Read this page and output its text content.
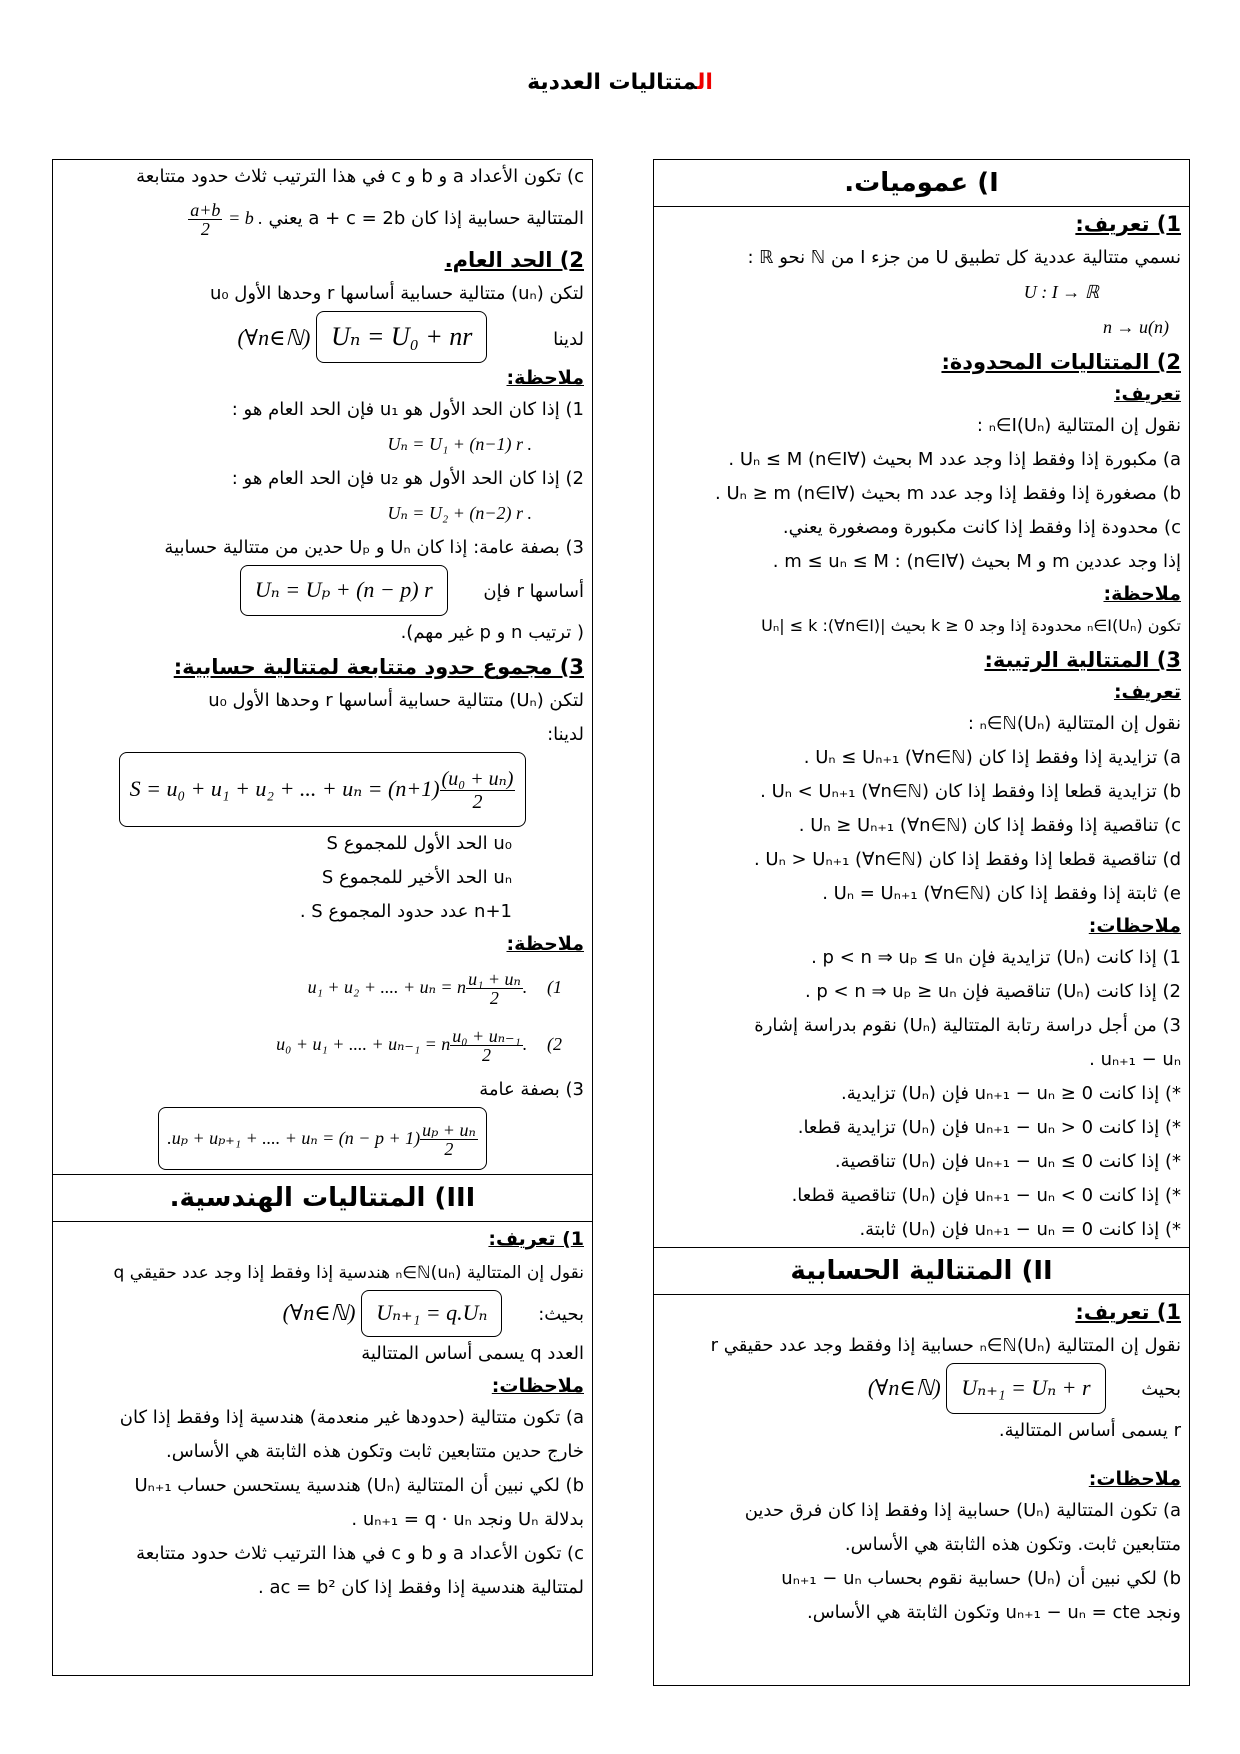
المتتاليات العددية
I) عموميات.
1) تعريف:
نسمي متتالية عددية كل تطبيق U من جزء I من ℕ نحو ℝ :
U : I → ℝ
n → u(n)
2) المتتاليات المحدودة:
تعريف:
نقول إن المتتالية (Uₙ)ₙ∈I :
a) مكبورة إذا وفقط إذا وجد عدد M بحيث (∀n∈I) Uₙ ≤ M .
b) مصغورة إذا وفقط إذا وجد عدد m بحيث (∀n∈I) Uₙ ≥ m .
c) محدودة إذا وفقط إذا كانت مكبورة ومصغورة يعني.
إذا وجد عددين m و M بحيث (∀n∈I) : m ≤ uₙ ≤ M .
ملاحظة:
تكون (Uₙ)ₙ∈I محدودة إذا وجد k ≥ 0 بحيث |Uₙ| ≤ k :(∀n∈I)
3) المتتالية الرتيبة:
تعريف:
نقول إن المتتالية (Uₙ)ₙ∈ℕ :
a) تزايدية إذا وفقط إذا كان Uₙ ≤ Uₙ₊₁ (∀n∈ℕ) .
b) تزايدية قطعا إذا وفقط إذا كان Uₙ < Uₙ₊₁ (∀n∈ℕ) .
c) تناقصية إذا وفقط إذا كان Uₙ ≥ Uₙ₊₁ (∀n∈ℕ) .
d) تناقصية قطعا إذا وفقط إذا كان Uₙ > Uₙ₊₁ (∀n∈ℕ) .
e) ثابتة إذا وفقط إذا كان Uₙ = Uₙ₊₁ (∀n∈ℕ) .
ملاحظات:
1) إذا كانت (Uₙ) تزايدية فإن p < n ⇒ uₚ ≤ uₙ .
2) إذا كانت (Uₙ) تناقصية فإن p < n ⇒ uₚ ≥ uₙ .
3) من أجل دراسة رتابة المتتالية (Uₙ) نقوم بدراسة إشارة
uₙ₊₁ − uₙ .
*) إذا كانت uₙ₊₁ − uₙ ≥ 0 فإن (Uₙ) تزايدية.
*) إذا كانت uₙ₊₁ − uₙ > 0 فإن (Uₙ) تزايدية قطعا.
*) إذا كانت uₙ₊₁ − uₙ ≤ 0 فإن (Uₙ) تناقصية.
*) إذا كانت uₙ₊₁ − uₙ < 0 فإن (Uₙ) تناقصية قطعا.
*) إذا كانت uₙ₊₁ − uₙ = 0 فإن (Uₙ) ثابتة.
II) المتتالية الحسابية
1) تعريف:
نقول إن المتتالية (Uₙ)ₙ∈ℕ حسابية إذا وفقط وجد عدد حقيقي r
بحيث Uₙ₊₁ = Uₙ + r (∀n∈ℕ)
r يسمى أساس المتتالية.
ملاحظات:
a) تكون المتتالية (Uₙ) حسابية إذا وفقط إذا كان فرق حدين
متتابعين ثابت. وتكون هذه الثابتة هي الأساس.
b) لكي نبين أن (Uₙ) حسابية نقوم بحساب uₙ₊₁ − uₙ
ونجد uₙ₊₁ − uₙ = cte وتكون الثابتة هي الأساس.
c) تكون الأعداد a و b و c في هذا الترتيب ثلاث حدود متتابعة
المتتالية حسابية إذا كان a + c = 2b يعني
$\frac{a+b}{2} = b$ .
2) الحد العام.
لتكن (uₙ) متتالية حسابية أساسها r وحدها الأول u₀
لدينا Uₙ = U₀ + nr (∀n∈ℕ)
ملاحظة:
1) إذا كان الحد الأول هو u₁ فإن الحد العام هو :
Uₙ = U₁ + (n−1) r .
2) إذا كان الحد الأول هو u₂ فإن الحد العام هو :
Uₙ = U₂ + (n−2) r .
3) بصفة عامة: إذا كان Uₙ و Uₚ حدين من متتالية حسابية
أساسها r فإن Uₙ = Uₚ + (n − p) r
( ترتيب n و p غير مهم).
3) مجموع حدود متتابعة لمتتالية حسابية:
لتكن (Uₙ) متتالية حسابية أساسها r وحدها الأول u₀
لدينا:
S = u₀ + u₁ + u₂ + ... + $u_n = (n+1) \frac{\text{(u₀ + uₙ)}}{2}$
u₀ الحد الأول للمجموع S
uₙ الحد الأخير للمجموع S
n+1 عدد حدود المجموع S .
ملاحظة:
(1 u₁ + u₂ + .... + uₙ = n $\frac{\text{u₁ + uₙ}}{2}$ .
(2 u₀ + u₁ + .... + uₙ₋₁ = n $\frac{\text{u₀ + uₙ₋₁}}{2}$ .
3) بصفة عامة
.uₚ + uₚ₊₁ + .... + $u_n = (n - p + 1) \frac{\text{uₚ + uₙ}}{2}$
III) المتتاليات الهندسية.
1) تعريف:
نقول إن المتتالية (uₙ)ₙ∈ℕ هندسية إذا وفقط إذا وجد عدد حقيقي q
بحيث: Uₙ₊₁ = q.Uₙ (∀n∈ℕ)
العدد q يسمى أساس المتتالية
ملاحظات:
a) تكون متتالية (حدودها غير منعدمة) هندسية إذا وفقط إذا كان
خارج حدين متتابعين ثابت وتكون هذه الثابتة هي الأساس.
b) لكي نبين أن المتتالية (Uₙ) هندسية يستحسن حساب Uₙ₊₁
بدلالة Uₙ ونجد uₙ₊₁ = q · uₙ .
c) تكون الأعداد a و b و c في هذا الترتيب ثلاث حدود متتابعة
لمتتالية هندسية إذا وفقط إذا كان ac = b² .
